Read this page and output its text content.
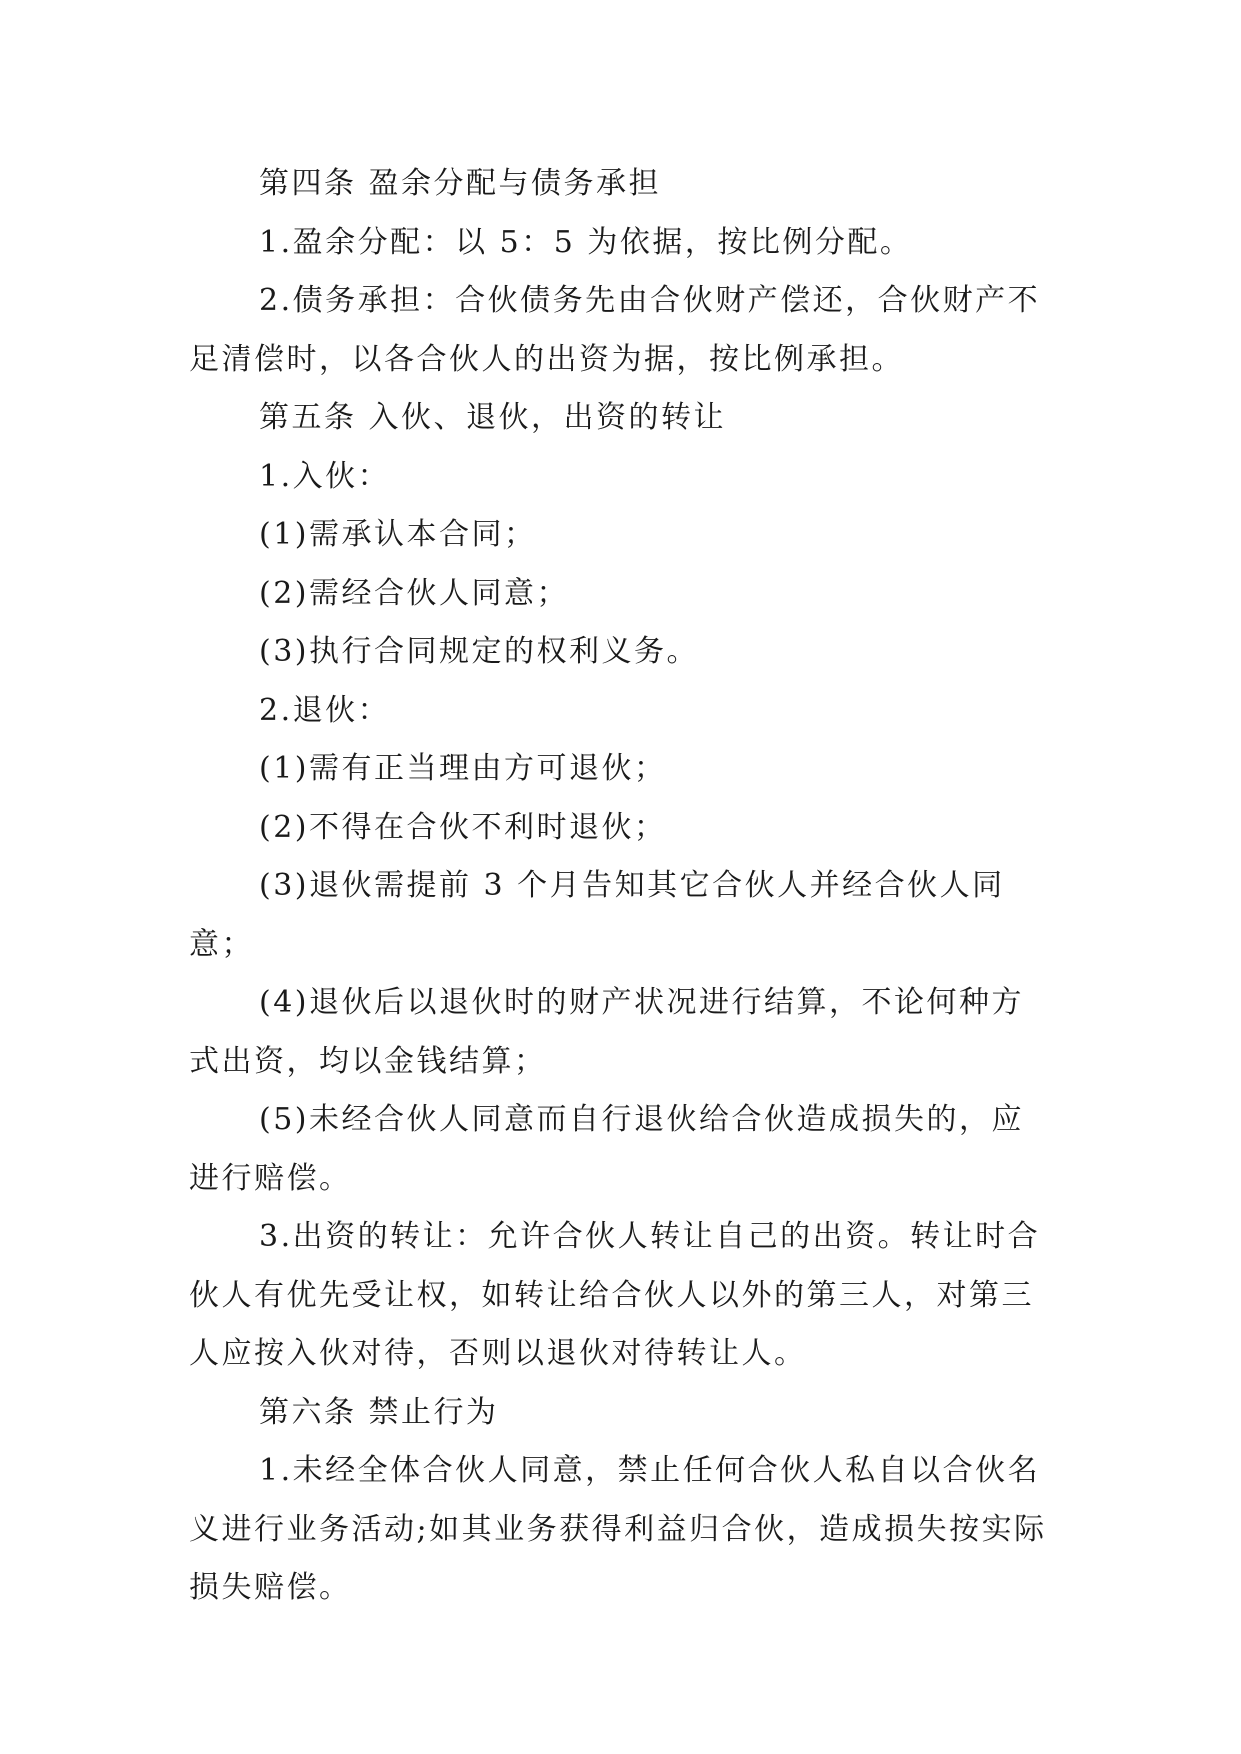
第四条 盈余分配与债务承担

1.盈余分配：以 5：5 为依据，按比例分配。

2.债务承担：合伙债务先由合伙财产偿还，合伙财产不足清偿时，以各合伙人的出资为据，按比例承担。

第五条 入伙、退伙，出资的转让

1.入伙：

(1)需承认本合同；

(2)需经合伙人同意；

(3)执行合同规定的权利义务。

2.退伙：

(1)需有正当理由方可退伙；

(2)不得在合伙不利时退伙；

(3)退伙需提前 3 个月告知其它合伙人并经合伙人同意；

(4)退伙后以退伙时的财产状况进行结算，不论何种方式出资，均以金钱结算；

(5)未经合伙人同意而自行退伙给合伙造成损失的，应进行赔偿。

3.出资的转让：允许合伙人转让自己的出资。转让时合伙人有优先受让权，如转让给合伙人以外的第三人，对第三人应按入伙对待，否则以退伙对待转让人。

第六条 禁止行为

1.未经全体合伙人同意，禁止任何合伙人私自以合伙名义进行业务活动;如其业务获得利益归合伙，造成损失按实际损失赔偿。
